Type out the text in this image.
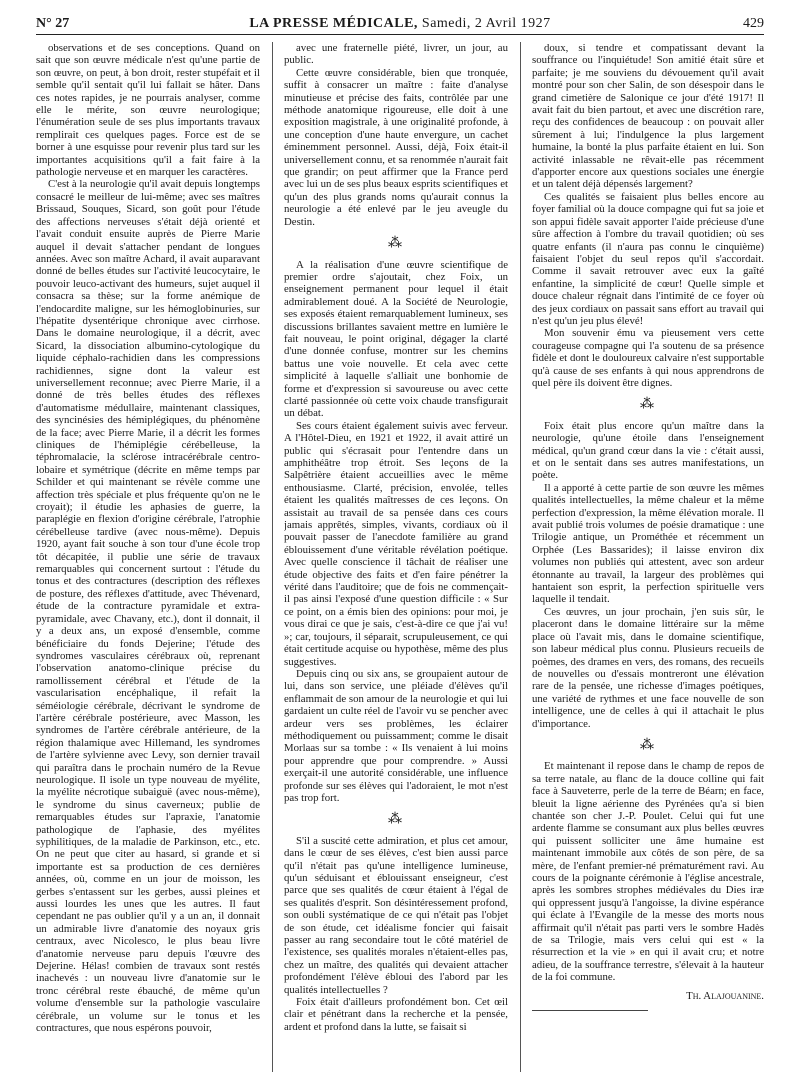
N° 27	LA PRESSE MÉDICALE, Samedi, 2 Avril 1927	429

observations et de ses conceptions. Quand on sait que son œuvre médicale n'est qu'une partie de son œuvre, on peut, à bon droit, rester stupéfait et il semble qu'il sentait qu'il lui fallait se hâter. Dans ces notes rapides, je ne pourrais analyser, comme elle le mérite, son œuvre neurologique; l'énumération seule de ses plus importants travaux remplirait ces quelques pages. Force est de se borner à une esquisse pour revenir plus tard sur les importantes acquisitions qu'il a fait faire à la pathologie nerveuse et en marquer les caractères.

C'est à la neurologie qu'il avait depuis longtemps consacré le meilleur de lui-même; avec ses maîtres Brissaud, Souques, Sicard, son goût pour l'étude des affections nerveuses s'était déjà orienté et l'avait conduit ensuite auprès de Pierre Marie auquel il devait s'attacher pendant de longues années. Avec son maître Achard, il avait auparavant donné de belles études sur l'activité leucocytaire, le pouvoir leuco-activant des humeurs, sujet auquel il consacra sa thèse; sur la forme anémique de l'endocardite maligne, sur les hémoglobinuries, sur l'hépatite dysentérique chronique avec cirrhose. Dans le domaine neurologique, il a décrit, avec Sicard, la dissociation albumino-cytologique du liquide céphalo-rachidien dans les compressions rachidiennes, signe dont la valeur est universellement reconnue; avec Pierre Marie, il a donné de très belles études des réflexes d'automatisme médullaire, maintenant classiques, des syncinésies des hémiplégiques, du phénomène de la face; avec Pierre Marie, il a décrit les formes cliniques de l'hémiplégie cérébelleuse, la téphromalacie, la sclérose intracérébrale centro-lobaire et symétrique (décrite en même temps par Schilder et qui maintenant se révèle comme une affection très spéciale et plus fréquente qu'on ne le croyait); il étudie les aphasies de guerre, la paraplégie en flexion d'origine cérébrale, l'atrophie cérébelleuse tardive (avec nous-même). Depuis 1920, ayant fait souche à son tour d'une école trop tôt décapitée, il publie une série de travaux remarquables qui concernent surtout : l'étude du tonus et des contractures (description des réflexes de posture, des réflexes d'attitude, avec Thévenard, étude de la contracture pyramidale et extra-pyramidale, avec Chavany, etc.), dont il donnait, il y a deux ans, un exposé d'ensemble, comme bénéficiaire du fonds Dejerine; l'étude des syndromes vasculaires cérébraux où, reprenant l'observation anatomo-clinique précise du ramollissement cérébral et l'étude de la vascularisation encéphalique, il refait la séméiologie cérébrale, décrivant le syndrome de l'artère cérébrale postérieure, avec Masson, les syndromes de l'artère cérébrale antérieure, de la région thalamique avec Hillemand, les syndromes de l'artère sylvienne avec Levy, son dernier travail qui paraîtra dans le prochain numéro de la Revue neurologique. Il isole un type nouveau de myélite, la myélite nécrotique subaiguë (avec nous-même), le syndrome du sinus caverneux; publie de remarquables études sur l'apraxie, l'anatomie pathologique de l'aphasie, des myélites syphilitiques, de la maladie de Parkinson, etc., etc. On ne peut que citer au hasard, si grande et si importante est sa production de ces dernières années, où, comme en un jour de moisson, les gerbes s'entassent sur les gerbes, aussi pleines et aussi lourdes les unes que les autres. Il faut cependant ne pas oublier qu'il y a un an, il donnait un admirable livre d'anatomie des noyaux gris centraux, avec Nicolesco, le plus beau livre d'anatomie nerveuse paru depuis l'œuvre des Dejerine. Hélas! combien de travaux sont restés inachevés : un nouveau livre d'anatomie sur le tronc cérébral reste ébauché, de même qu'un volume d'ensemble sur la pathologie vasculaire cérébrale, un volume sur le tonus et les contractures, que nous espérons pouvoir,

avec une fraternelle piété, livrer, un jour, au public.

Cette œuvre considérable, bien que tronquée, suffit à consacrer un maître : faite d'analyse minutieuse et précise des faits, contrôlée par une méthode anatomique rigoureuse, elle doit à une exposition magistrale, à une originalité profonde, à une conception d'une haute envergure, un cachet éminemment personnel. Aussi, déjà, Foix était-il universellement connu, et sa renommée n'aurait fait que grandir; on peut affirmer que la France perd avec lui un de ses plus beaux esprits scientifiques et qu'un des plus grands noms qu'aurait connus la neurologie a été enlevé par le jeu aveugle du Destin.

⁂

A la réalisation d'une œuvre scientifique de premier ordre s'ajoutait, chez Foix, un enseignement permanent pour lequel il était admirablement doué. A la Société de Neurologie, ses exposés étaient remarquablement lumineux, ses discussions brillantes savaient mettre en lumière le fait nouveau, le point original, dégager la clarté d'une donnée confuse, montrer sur les chemins battus une voie nouvelle. Et cela avec cette simplicité à laquelle s'alliait une bonhomie de forme et d'expression si savoureuse ou avec cette clarté passionnée où cette voix chaude transfigurait un débat.

Ses cours étaient également suivis avec ferveur. A l'Hôtel-Dieu, en 1921 et 1922, il avait attiré un public qui s'écrasait pour l'entendre dans un amphithéâtre trop étroit. Ses leçons de la Salpêtrière étaient accueillies avec le même enthousiasme. Clarté, précision, envolée, telles étaient les qualités maîtresses de ces leçons. On assistait au travail de sa pensée dans ces cours jamais apprêtés, simples, vivants, cordiaux où il pouvait passer de l'anecdote familière au grand éblouissement d'une véritable révélation poétique. Avec quelle conscience il tâchait de réaliser une étude objective des faits et d'en faire pénétrer la vérité dans l'auditoire; que de fois ne commençait-il pas ainsi l'exposé d'une question difficile : « Sur ce point, on a émis bien des opinions: pour moi, je vous dirai ce que je sais, c'est-à-dire ce que j'ai vu! »; car, toujours, il séparait, scrupuleusement, ce qui était certitude acquise ou hypothèse, même des plus suggestives.

Depuis cinq ou six ans, se groupaient autour de lui, dans son service, une pléiade d'élèves qu'il enflammait de son amour de la neurologie et qui lui gardaient un culte réel de l'avoir vu se pencher avec ardeur vers ses problèmes, les éclairer méthodiquement ou puissamment; comme le disait Morlaas sur sa tombe : « Ils venaient à lui moins pour apprendre que pour comprendre. » Aussi exerçait-il une autorité considérable, une influence profonde sur ses élèves qui l'adoraient, le mot n'est pas trop fort.

⁂

S'il a suscité cette admiration, et plus cet amour, dans le cœur de ses élèves, c'est bien aussi parce qu'il n'était pas qu'une intelligence lumineuse, qu'un séduisant et éblouissant enseigneur, c'est parce que ses qualités de cœur étaient à l'égal de ses qualités d'esprit. Son désintéressement profond, son oubli systématique de ce qui n'était pas l'objet de son étude, cet idéalisme foncier qui faisait passer au rang secondaire tout le côté matériel de l'existence, ses qualités morales n'étaient-elles pas, chez un maître, des qualités qui devaient attacher profondément l'élève ébloui des l'abord par les qualités intellectuelles ?

Foix était d'ailleurs profondément bon. Cet œil clair et pénétrant dans la recherche et la pensée, ardent et profond dans la lutte, se faisait si

doux, si tendre et compatissant devant la souffrance ou l'inquiétude! Son amitié était sûre et parfaite; je me souviens du dévouement qu'il avait montré pour son cher Salin, de son désespoir dans le grand cimetière de Salonique ce jour d'été 1917! Il avait fait du bien partout, et avec une discrétion rare, reçu des confidences de beaucoup : on pouvait aller sûrement à lui; l'indulgence la plus largement humaine, la bonté la plus parfaite étaient en lui. Son activité inlassable ne rêvait-elle pas récemment d'apporter encore aux questions sociales une énergie et un talent déjà dépensés largement?

Ces qualités se faisaient plus belles encore au foyer familial où la douce compagne qui fut sa joie et son appui fidèle savait apporter l'aide précieuse d'une sûre affection à l'ombre du travail quotidien; où ses quatre enfants (il n'aura pas connu le cinquième) faisaient l'objet du seul repos qu'il s'accordait. Comme il savait retrouver avec eux la gaîté enfantine, la simplicité de cœur! Quelle simple et douce chaleur régnait dans l'intimité de ce foyer où des jeux cordiaux on passait sans effort au travail qui n'est qu'un jeu plus élevé!

Mon souvenir ému va pieusement vers cette courageuse compagne qui l'a soutenu de sa présence fidèle et dont le douloureux calvaire n'est supportable qu'à cause de ses enfants à qui nous apprendrons de quel père ils doivent être dignes.

⁂

Foix était plus encore qu'un maître dans la neurologie, qu'une étoile dans l'enseignement médical, qu'un grand cœur dans la vie : c'était aussi, et on le sentait dans ses autres manifestations, un poète.

Il a apporté à cette partie de son œuvre les mêmes qualités intellectuelles, la même chaleur et la même perfection d'expression, la même élévation morale. Il avait publié trois volumes de poésie dramatique : une Trilogie antique, un Prométhée et récemment un Orphée (Les Bassarides); il laisse environ dix volumes non publiés qui attestent, avec son ardeur étonnante au travail, la largeur des problèmes qui hantaient son esprit, la perfection spirituelle vers laquelle il tendait.

Ces œuvres, un jour prochain, j'en suis sûr, le placeront dans le domaine littéraire sur la même place où l'avait mis, dans le domaine scientifique, son labeur médical plus connu. Plusieurs recueils de poèmes, des drames en vers, des romans, des recueils de nouvelles ou d'essais montreront une élévation rare de la pensée, une richesse d'images poétiques, une variété de rythmes et une face nouvelle de son intelligence, une de celles à qui il attachait le plus d'importance.

⁂

Et maintenant il repose dans le champ de repos de sa terre natale, au flanc de la douce colline qui fait face à Sauveterre, perle de la terre de Béarn; en face, bleuit la ligne aérienne des Pyrénées qu'a si bien chantée son cher J.-P. Poulet. Celui qui fut une ardente flamme se consumant aux plus belles œuvres qui puissent solliciter une âme humaine est maintenant immobile aux côtés de son père, de sa mère, de l'enfant premier-né prématurément ravi. Au cours de la poignante cérémonie à l'église ancestrale, après les sombres strophes médiévales du Dies iræ qui oppressent jusqu'à l'angoisse, la divine espérance qui éclate à l'Evangile de la messe des morts nous affirmait qu'il n'était pas parti vers le sombre Hadès de sa Trilogie, mais vers celui qui est « la résurrection et la vie » en qui il avait cru; et notre adieu, de la souffrance terrestre, s'élevait à la hauteur de la foi commune.

Th. Alajouanine.
